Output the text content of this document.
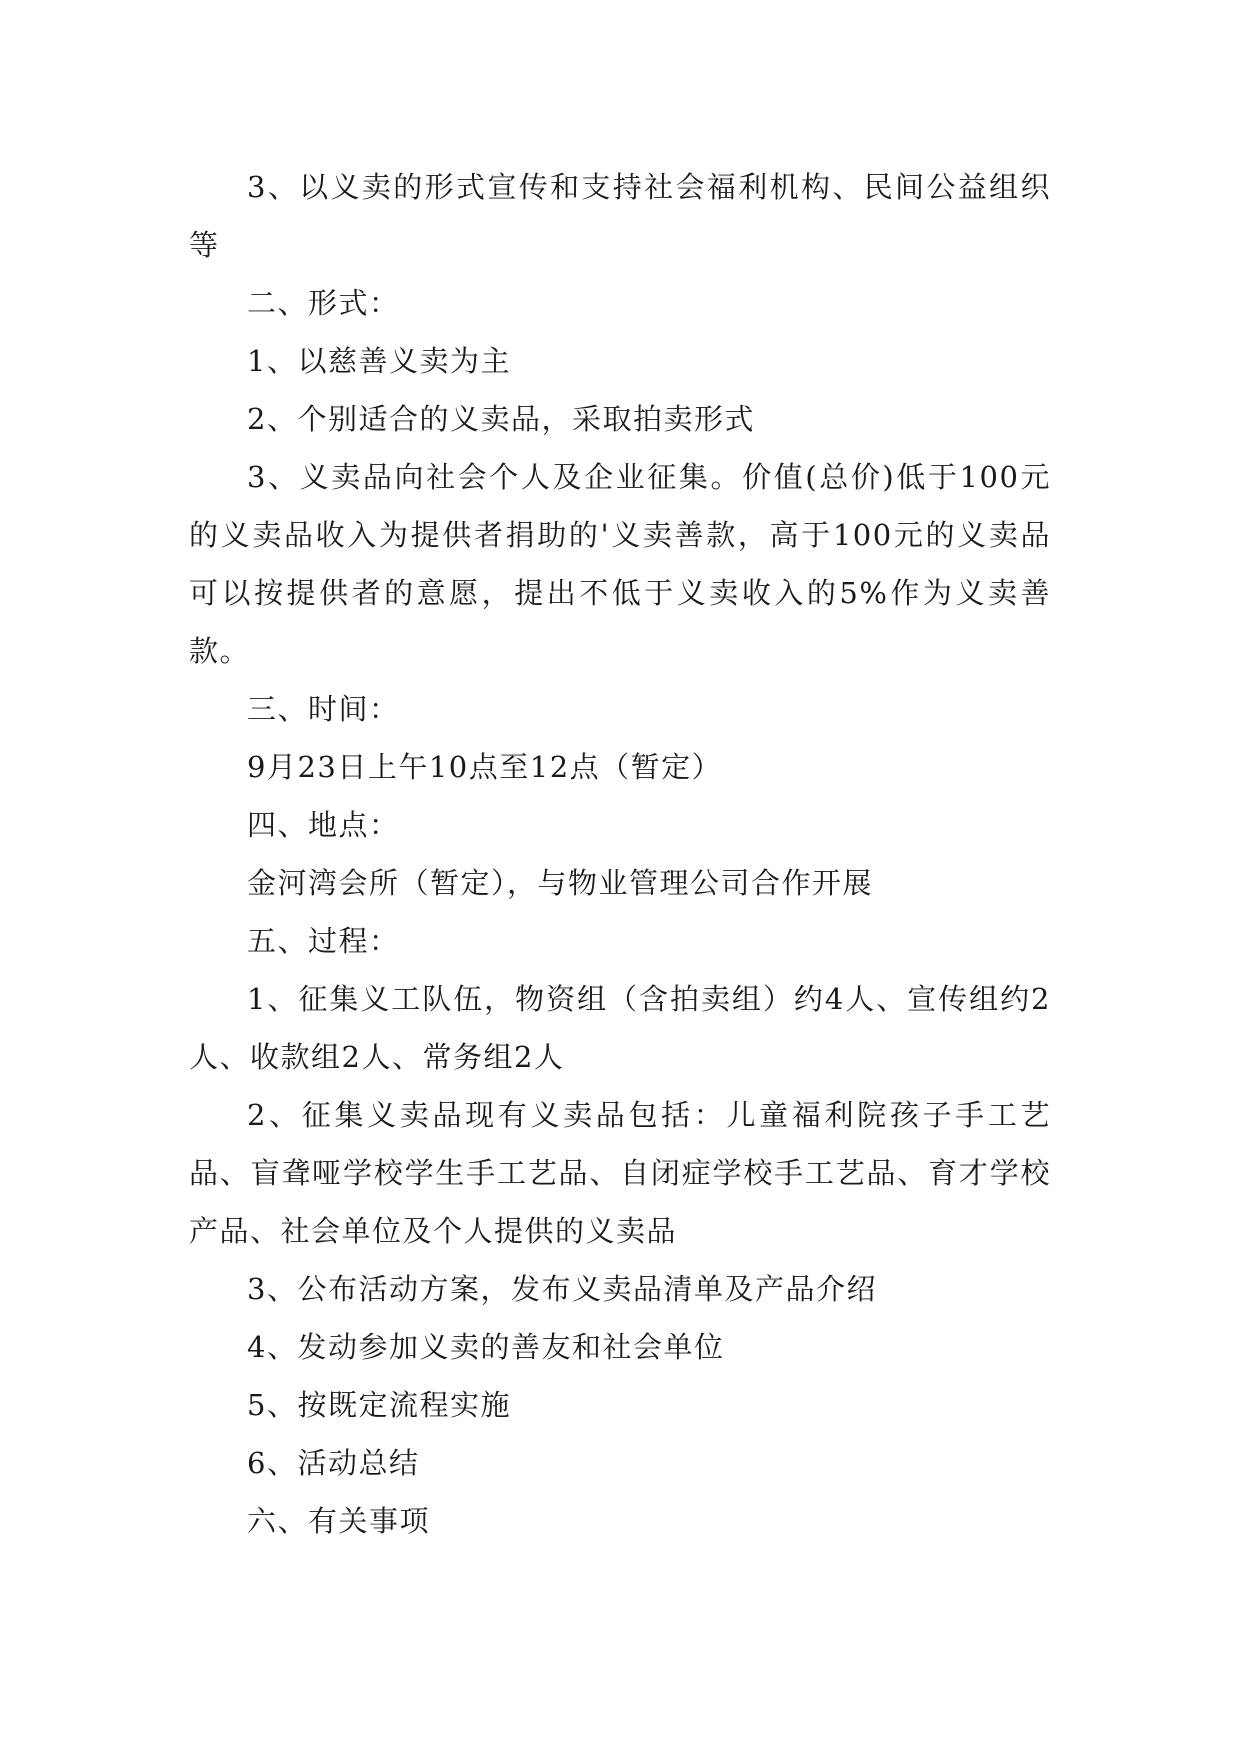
3、以义卖的形式宣传和支持社会福利机构、民间公益组织等

二、形式：

1、以慈善义卖为主

2、个别适合的义卖品，采取拍卖形式

3、义卖品向社会个人及企业征集。价值(总价)低于100元的义卖品收入为提供者捐助的'义卖善款，高于100元的义卖品可以按提供者的意愿，提出不低于义卖收入的5%作为义卖善款。

三、时间：

9月23日上午10点至12点（暂定）

四、地点：

金河湾会所（暂定），与物业管理公司合作开展

五、过程：

1、征集义工队伍，物资组（含拍卖组）约4人、宣传组约2人、收款组2人、常务组2人

2、征集义卖品现有义卖品包括：儿童福利院孩子手工艺品、盲聋哑学校学生手工艺品、自闭症学校手工艺品、育才学校产品、社会单位及个人提供的义卖品

3、公布活动方案，发布义卖品清单及产品介绍

4、发动参加义卖的善友和社会单位

5、按既定流程实施

6、活动总结

六、有关事项
